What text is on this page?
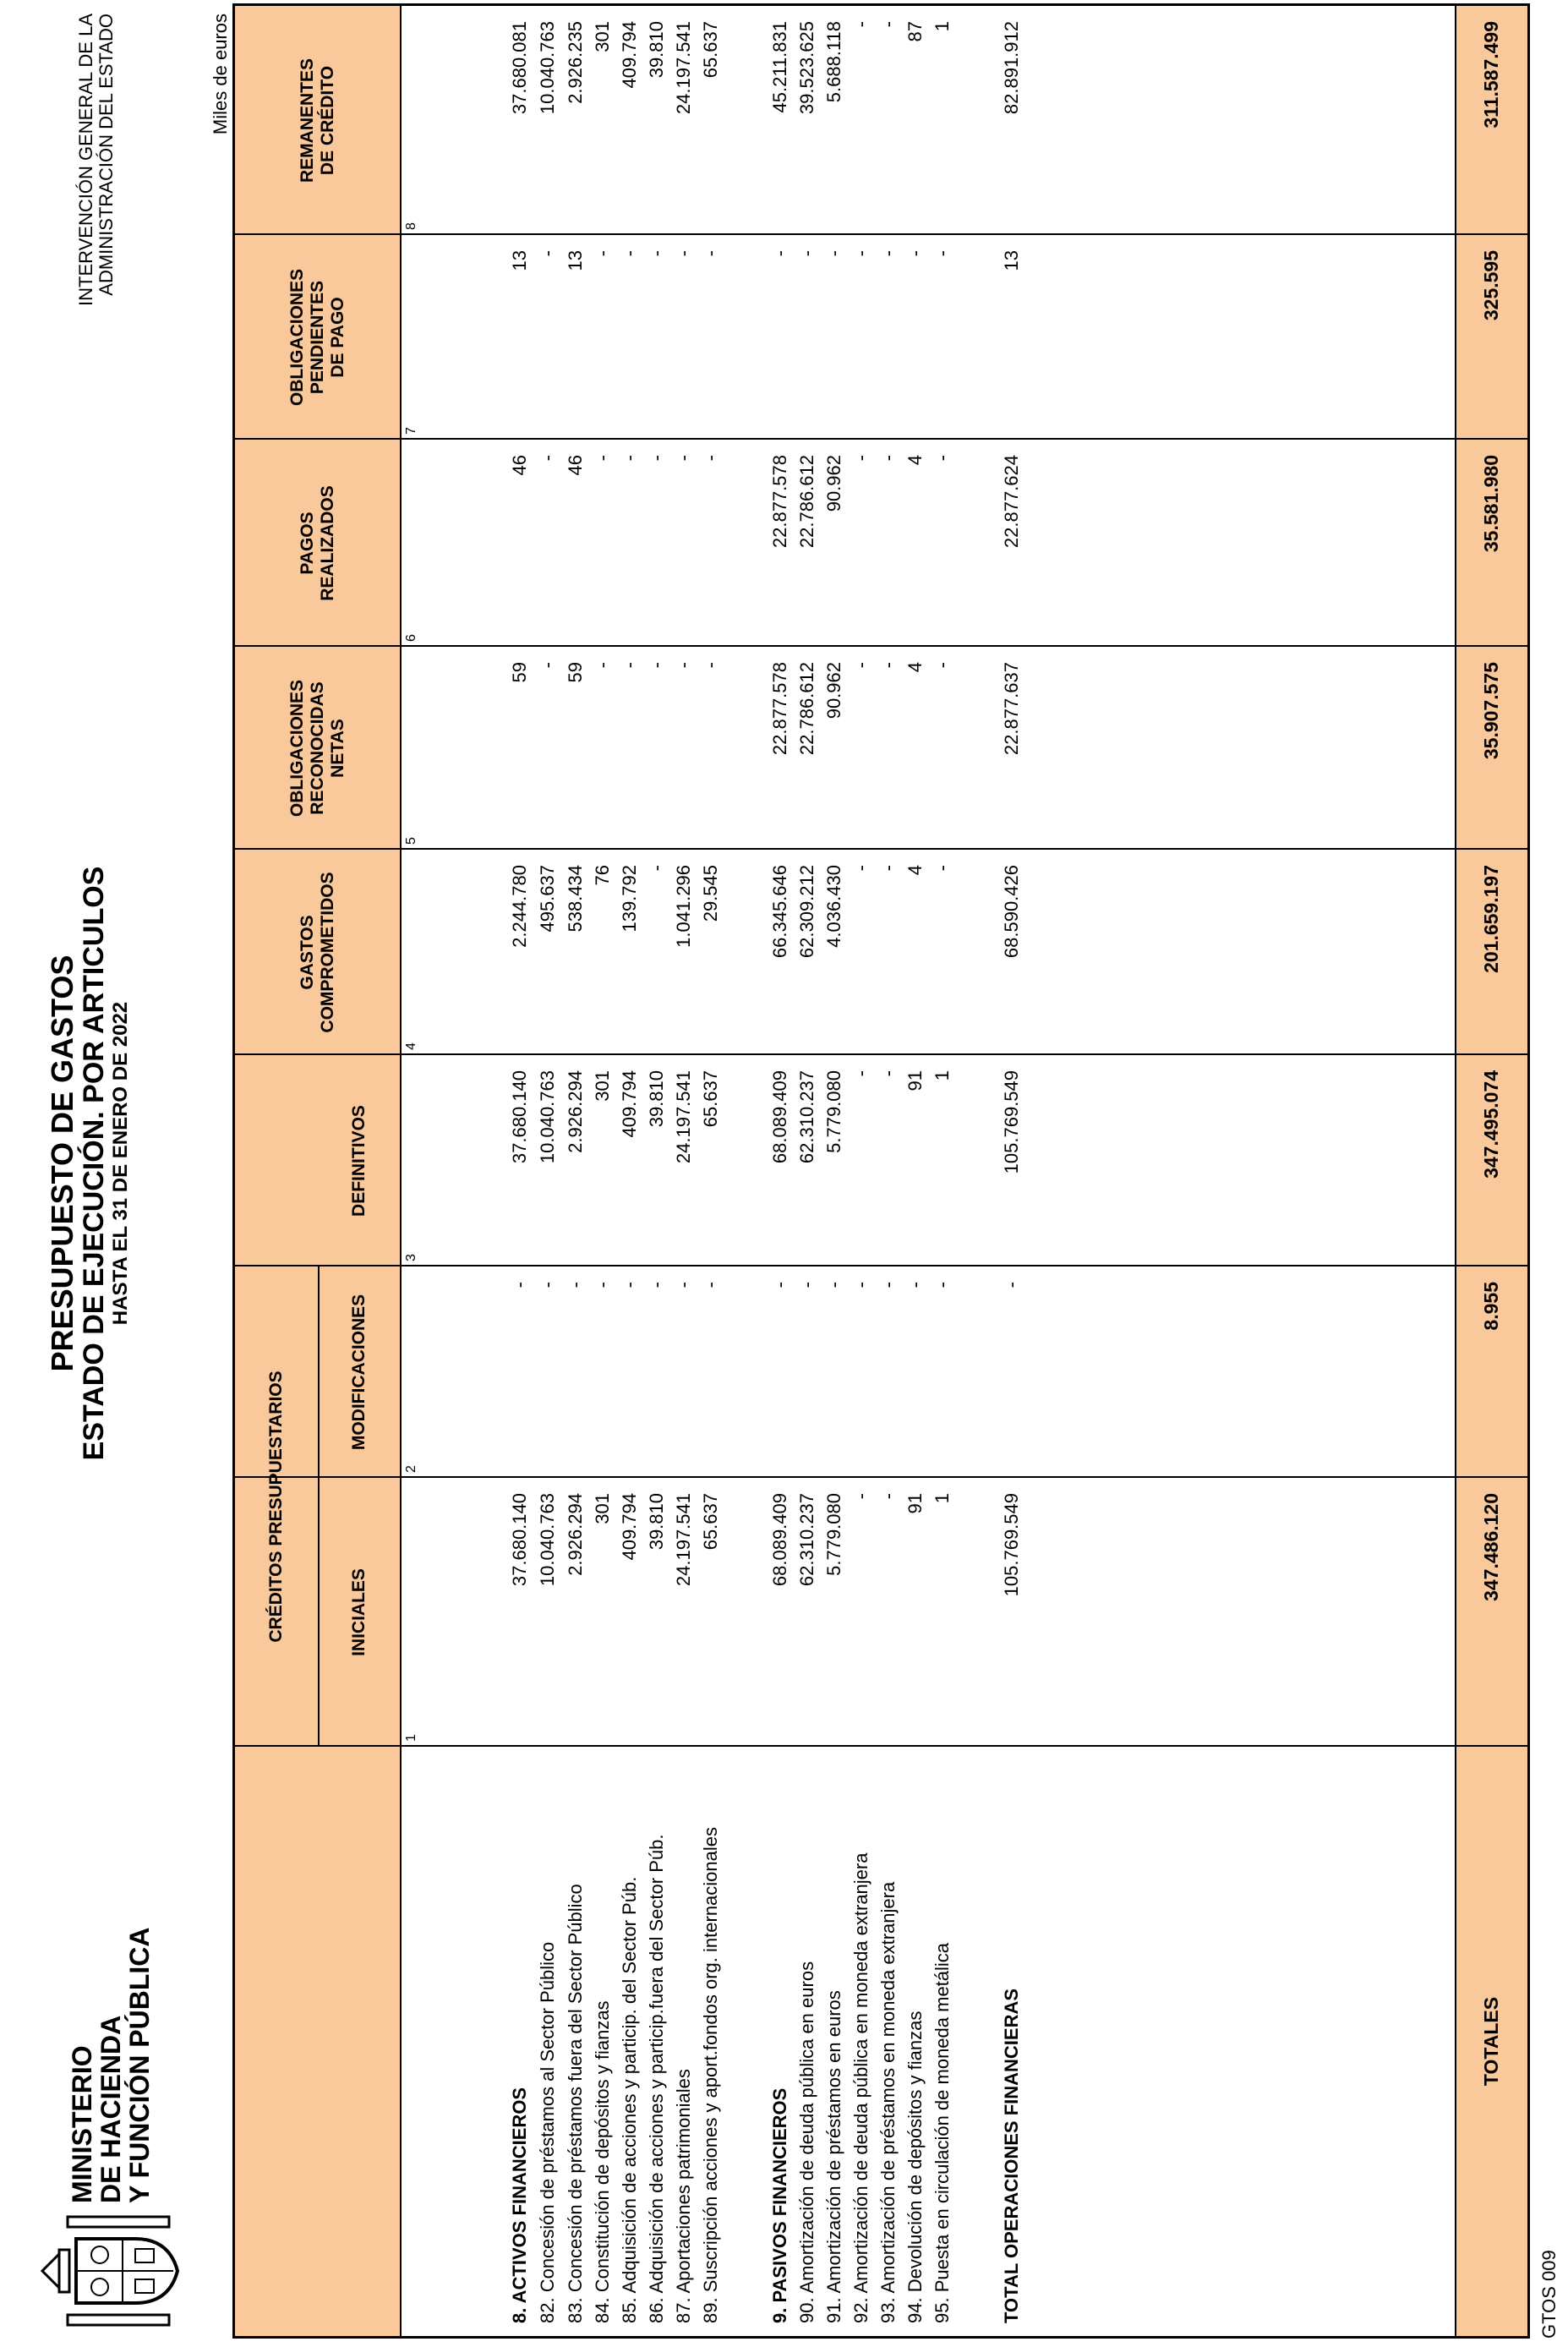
MINISTERIO
DE HACIENDA
Y FUNCIÓN PÚBLICA
PRESUPUESTO DE GASTOS
ESTADO DE EJECUCIÓN. POR ARTICULOS HASTA EL 31 DE ENERO DE 2022
INTERVENCIÓN GENERAL DE LA ADMINISTRACIÓN DEL ESTADO	Miles de euros
GTOS 009
CRÉDITOS PRESUPUESTARIOS	INICIALES
MODIFICACIONES
DEFINITIVOS
GASTOS COMPROMETIDOS
OBLIGACIONES RECONOCIDAS NETAS
PAGOS REALIZADOS
OBLIGACIONES PENDIENTES DE PAGO
REMANENTES DE CRÉDITO
1
2
3
4
5
6
7
8
8. ACTIVOS FINANCIEROS
37.680.140
-
37.680.140
2.244.780
59
46
13
37.680.081
82. Concesión de préstamos al Sector Público
10.040.763
-
10.040.763
495.637
-
-
-
10.040.763
83. Concesión de préstamos fuera del Sector Público
2.926.294
-
2.926.294
538.434
59
46
13
2.926.235
84. Constitución de depósitos y fianzas
301
-
301
76
-
-
-
301
85. Adquisición de acciones y particip. del Sector Púb.
409.794
-
409.794
139.792
-
-
-
409.794
86. Adquisición de acciones y particip.fuera del Sector Púb.
39.810
-
39.810
-
-
-
-
39.810
87. Aportaciones patrimoniales
24.197.541
-
24.197.541
1.041.296
-
-
-
24.197.541
89. Suscripción acciones y aport.fondos org. internacionales
65.637
-
65.637
29.545
-
-
-
65.637
9. PASIVOS FINANCIEROS
68.089.409
-
68.089.409
66.345.646
22.877.578
22.877.578
-
45.211.831
90. Amortización de deuda pública en euros
62.310.237
-
62.310.237
62.309.212
22.786.612
22.786.612
-
39.523.625
91. Amortización de préstamos en euros
5.779.080
-
5.779.080
4.036.430
90.962
90.962
-
5.688.118
92. Amortización de deuda pública en moneda extranjera
-
-
-
-
-
-
-
-
93. Amortización de préstamos en moneda extranjera
-
-
-
-
-
-
-
-
94. Devolución de depósitos y fianzas
91
-
91
4
4
4
-
87
95. Puesta en circulación de moneda metálica
1
-
1
-
-
-
-
1
TOTAL OPERACIONES FINANCIERAS
105.769.549
-
105.769.549
68.590.426
22.877.637
22.877.624
13
82.891.912
TOTALES
347.486.120
8.955
347.495.074
201.659.197
35.907.575
35.581.980
325.595
311.587.499
